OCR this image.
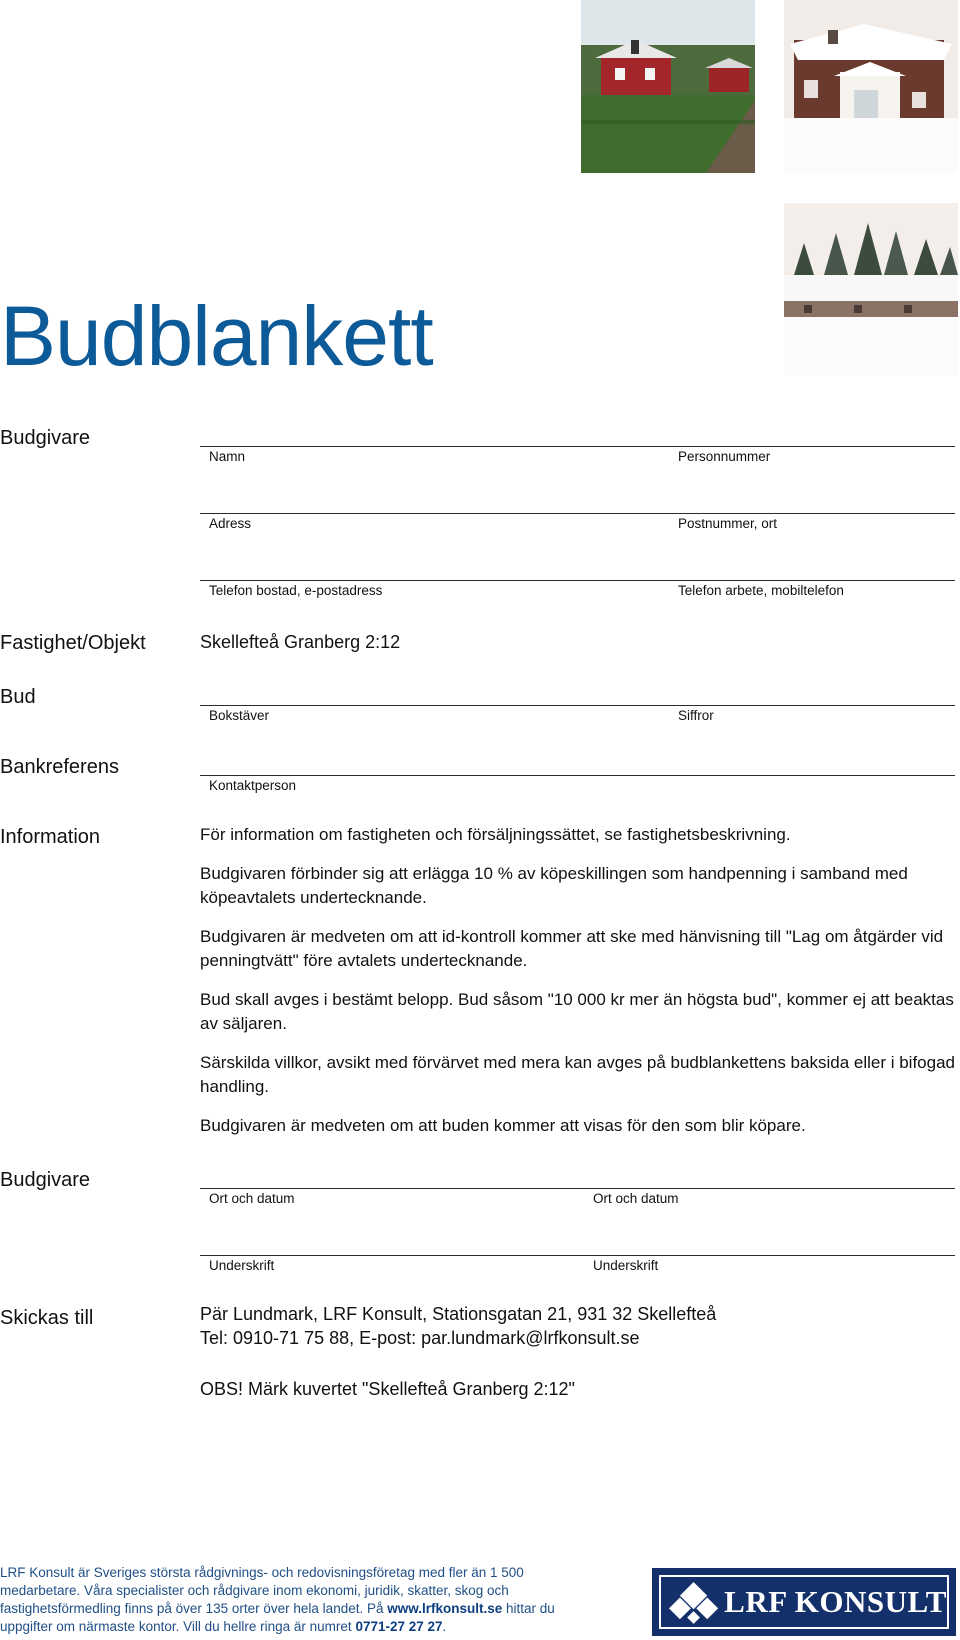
Budblankett
Budgivare
Namn	Personnummer
Adress	Postnummer, ort
Telefon bostad, e-postadress	Telefon arbete, mobiltelefon
Fastighet/Objekt	Skellefteå Granberg 2:12
Bud
Bokstäver	Siffror
Bankreferens
Kontaktperson
Information	För information om fastigheten och försäljningssättet, se fastighetsbeskrivning.

Budgivaren förbinder sig att erlägga 10 % av köpeskillingen som handpenning i samband med köpeavtalets undertecknande.

Budgivaren är medveten om att id-kontroll kommer att ske med hänvisning till "Lag om åtgärder vid penningtvätt" före avtalets undertecknande.

Bud skall avges i bestämt belopp. Bud såsom "10 000 kr mer än högsta bud", kommer ej att beaktas av säljaren.

Särskilda villkor, avsikt med förvärvet med mera kan avges på budblankettens baksida eller i bifogad handling.

Budgivaren är medveten om att buden kommer att visas för den som blir köpare.

Budgivare
Ort och datum	Ort och datum
Underskrift	Underskrift
Skickas till	Pär Lundmark, LRF Konsult, Stationsgatan 21, 931 32 Skellefteå
Tel: 0910-71 75 88, E-post: par.lundmark@lrfkonsult.se
OBS! Märk kuvertet "Skellefteå Granberg 2:12"
LRF Konsult är Sveriges största rådgivnings- och redovisningsföretag med fler än 1 500 medarbetare. Våra specialister och rådgivare inom ekonomi, juridik, skatter, skog och fastighetsförmedling finns på över 135 orter över hela landet. På www.lrfkonsult.se hittar du uppgifter om närmaste kontor. Vill du hellre ringa är numret 0771-27 27 27.
LRF KONSULT
